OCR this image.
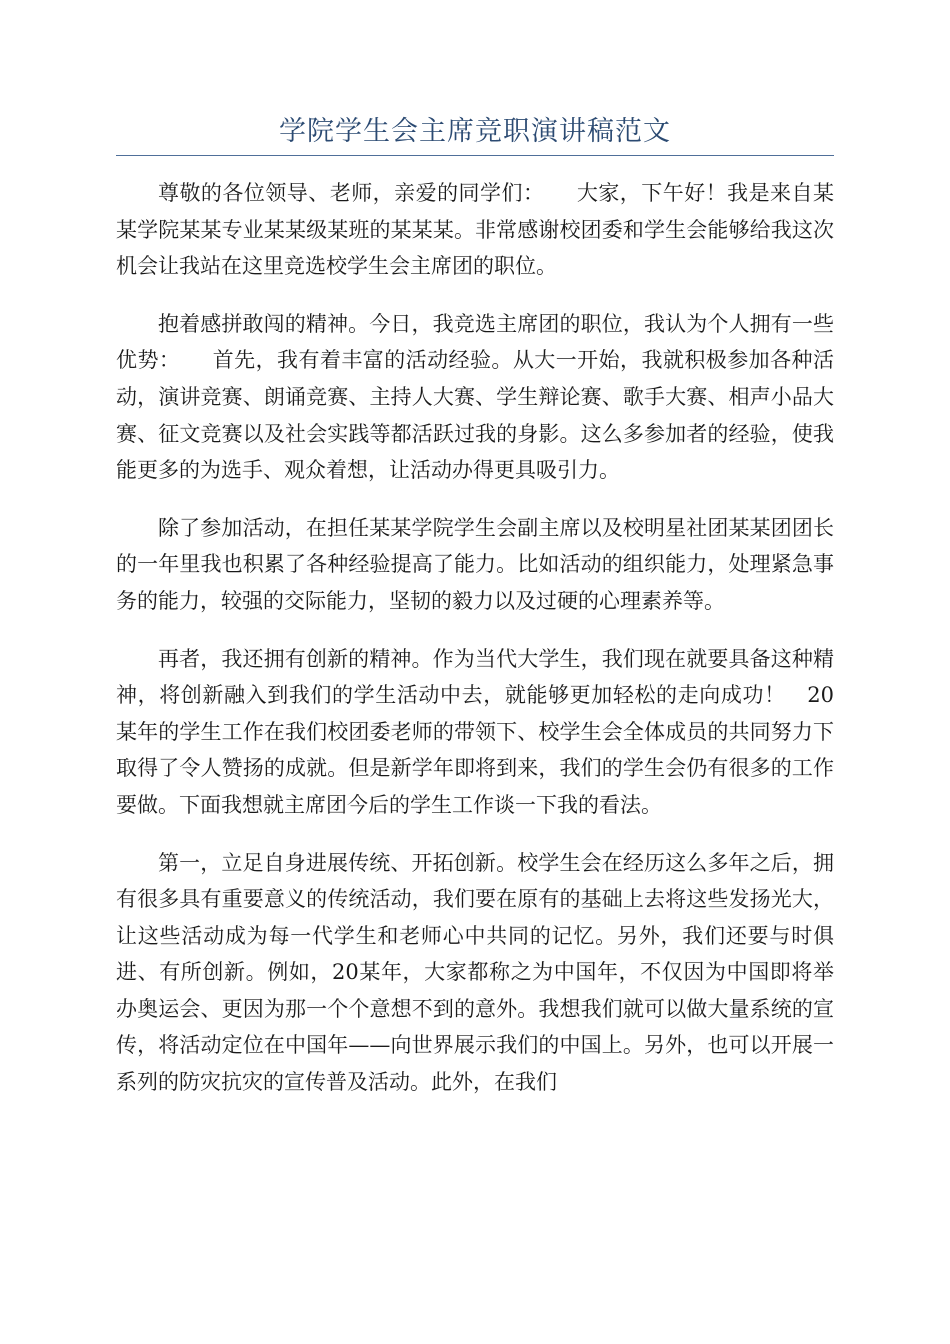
学院学生会主席竞职演讲稿范文

尊敬的各位领导、老师，亲爱的同学们：　　大家，下午好！我是来自某某学院某某专业某某级某班的某某某。非常感谢校团委和学生会能够给我这次机会让我站在这里竞选校学生会主席团的职位。

抱着感拼敢闯的精神。今日，我竞选主席团的职位，我认为个人拥有一些优势：　　首先，我有着丰富的活动经验。从大一开始，我就积极参加各种活动，演讲竞赛、朗诵竞赛、主持人大赛、学生辩论赛、歌手大赛、相声小品大赛、征文竞赛以及社会实践等都活跃过我的身影。这么多参加者的经验，使我能更多的为选手、观众着想，让活动办得更具吸引力。

除了参加活动，在担任某某学院学生会副主席以及校明星社团某某团团长的一年里我也积累了各种经验提高了能力。比如活动的组织能力，处理紧急事务的能力，较强的交际能力，坚韧的毅力以及过硬的心理素养等。

再者，我还拥有创新的精神。作为当代大学生，我们现在就要具备这种精神，将创新融入到我们的学生活动中去，就能够更加轻松的走向成功！　20某年的学生工作在我们校团委老师的带领下、校学生会全体成员的共同努力下取得了令人赞扬的成就。但是新学年即将到来，我们的学生会仍有很多的工作要做。下面我想就主席团今后的学生工作谈一下我的看法。

第一，立足自身进展传统、开拓创新。校学生会在经历这么多年之后，拥有很多具有重要意义的传统活动，我们要在原有的基础上去将这些发扬光大，让这些活动成为每一代学生和老师心中共同的记忆。另外，我们还要与时俱进、有所创新。例如，20某年，大家都称之为中国年，不仅因为中国即将举办奥运会、更因为那一个个意想不到的意外。我想我们就可以做大量系统的宣传，将活动定位在中国年——向世界展示我们的中国上。另外，也可以开展一系列的防灾抗灾的宣传普及活动。此外，在我们
